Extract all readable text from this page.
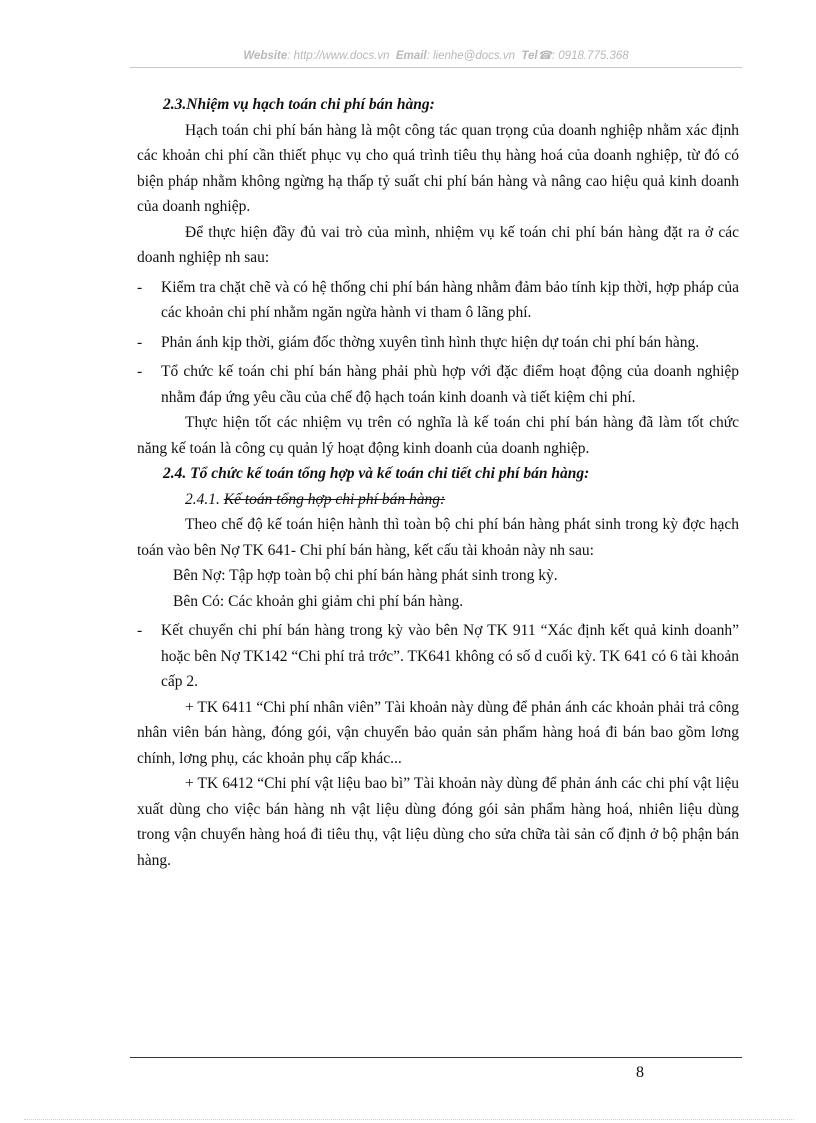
Website: http://www.docs.vn Email: lienhe@docs.vn Tel☎: 0918.775.368

2.3.Nhiệm vụ hạch toán chi phí bán hàng:

Hạch toán chi phí bán hàng là một công tác quan trọng của doanh nghiệp nhằm xác định các khoản chi phí cần thiết phục vụ cho quá trình tiêu thụ hàng hoá của doanh nghiệp, từ đó có biện pháp nhằm không ngừng hạ thấp tỷ suất chi phí bán hàng và nâng cao hiệu quả kinh doanh của doanh nghiệp.

Để thực hiện đầy đủ vai trò của mình, nhiệm vụ kế toán chi phí bán hàng đặt ra ở các doanh nghiệp nh sau:

- Kiểm tra chặt chẽ và có hệ thống chi phí bán hàng nhằm đảm bảo tính kịp thời, hợp pháp của các khoản chi phí nhằm ngăn ngừa hành vi tham ô lãng phí.

- Phản ánh kịp thời, giám đốc thờng xuyên tình hình thực hiện dự toán chi phí bán hàng.

- Tổ chức kế toán chi phí bán hàng phải phù hợp với đặc điểm hoạt động của doanh nghiệp nhằm đáp ứng yêu cầu của chế độ hạch toán kinh doanh và tiết kiệm chi phí.

Thực hiện tốt các nhiệm vụ trên có nghĩa là kế toán chi phí bán hàng đã làm tốt chức năng kế toán là công cụ quản lý hoạt động kinh doanh của doanh nghiệp.

2.4. Tổ chức kế toán tổng hợp và kế toán chi tiết chi phí bán hàng:

2.4.1. Kế toán tổng hợp chi phí bán hàng:

Theo chế độ kế toán hiện hành thì toàn bộ chi phí bán hàng phát sinh trong kỳ đợc hạch toán vào bên Nợ TK 641- Chi phí bán hàng, kết cấu tài khoản này nh sau:

Bên Nợ: Tập hợp toàn bộ chi phí bán hàng phát sinh trong kỳ.

Bên Có: Các khoản ghi giảm chi phí bán hàng.

- Kết chuyển chi phí bán hàng trong kỳ vào bên Nợ TK 911 “Xác định kết quả kinh doanh” hoặc bên Nợ TK142 “Chi phí trả trớc”. TK641 không có số d cuối kỳ. TK 641 có 6 tài khoản cấp 2.

+ TK 6411 “Chi phí nhân viên” Tài khoản này dùng để phản ánh các khoản phải trả công nhân viên bán hàng, đóng gói, vận chuyển bảo quản sản phẩm hàng hoá đi bán bao gồm lơng chính, lơng phụ, các khoản phụ cấp khác...

+ TK 6412 “Chi phí vật liệu bao bì” Tài khoản này dùng để phản ánh các chi phí vật liệu xuất dùng cho việc bán hàng nh vật liệu dùng đóng gói sản phẩm hàng hoá, nhiên liệu dùng trong vận chuyển hàng hoá đi tiêu thụ, vật liệu dùng cho sửa chữa tài sản cố định ở bộ phận bán hàng.

8
